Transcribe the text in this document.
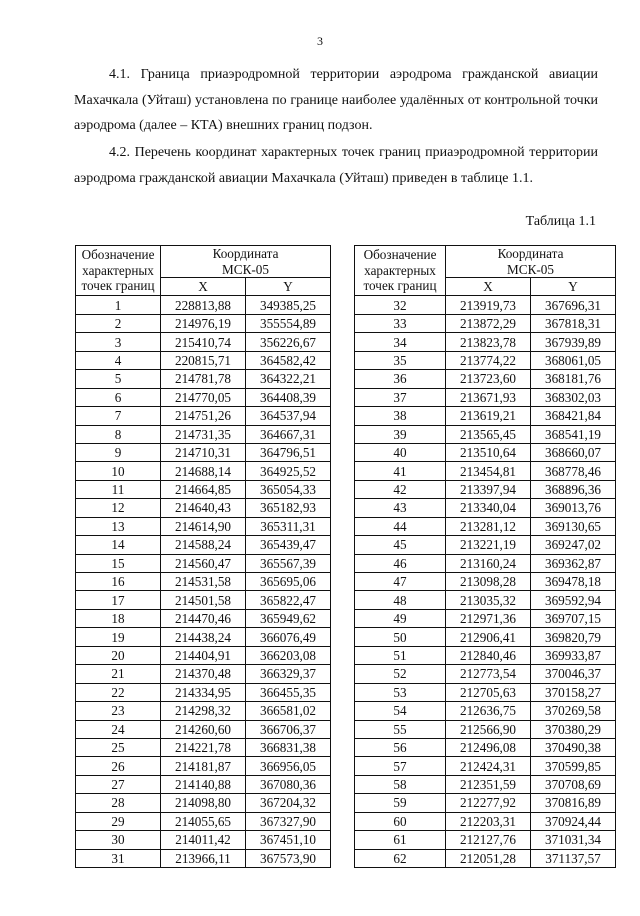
3

4.1. Граница приаэродромной территории аэродрома гражданской авиации Махачкала (Уйташ) установлена по границе наиболее удалённых от контрольной точки аэродрома (далее – КТА) внешних границ подзон.

4.2. Перечень координат характерных точек границ приаэродромной территории аэродрома гражданской авиации Махачкала (Уйташ) приведен в таблице 1.1.

Таблица 1.1
Обозначение
характерных
точек границ	Координата
МСК-05	
	X	Y
1	228813,88	349385,25
2	214976,19	355554,89
3	215410,74	356226,67
4	220815,71	364582,42
5	214781,78	364322,21
6	214770,05	364408,39
7	214751,26	364537,94
8	214731,35	364667,31
9	214710,31	364796,51
10	214688,14	364925,52
11	214664,85	365054,33
12	214640,43	365182,93
13	214614,90	365311,31
14	214588,24	365439,47
15	214560,47	365567,39
16	214531,58	365695,06
17	214501,58	365822,47
18	214470,46	365949,62
19	214438,24	366076,49
20	214404,91	366203,08
21	214370,48	366329,37
22	214334,95	366455,35
23	214298,32	366581,02
24	214260,60	366706,37
25	214221,78	366831,38
26	214181,87	366956,05
27	214140,88	367080,36
28	214098,80	367204,32
29	214055,65	367327,90
30	214011,42	367451,10
31	213966,11	367573,90
Обозначение
характерных
точек границ	Координата
МСК-05	
	X	Y
32	213919,73	367696,31
33	213872,29	367818,31
34	213823,78	367939,89
35	213774,22	368061,05
36	213723,60	368181,76
37	213671,93	368302,03
38	213619,21	368421,84
39	213565,45	368541,19
40	213510,64	368660,07
41	213454,81	368778,46
42	213397,94	368896,36
43	213340,04	369013,76
44	213281,12	369130,65
45	213221,19	369247,02
46	213160,24	369362,87
47	213098,28	369478,18
48	213035,32	369592,94
49	212971,36	369707,15
50	212906,41	369820,79
51	212840,46	369933,87
52	212773,54	370046,37
53	212705,63	370158,27
54	212636,75	370269,58
55	212566,90	370380,29
56	212496,08	370490,38
57	212424,31	370599,85
58	212351,59	370708,69
59	212277,92	370816,89
60	212203,31	370924,44
61	212127,76	371031,34
62	212051,28	371137,57
